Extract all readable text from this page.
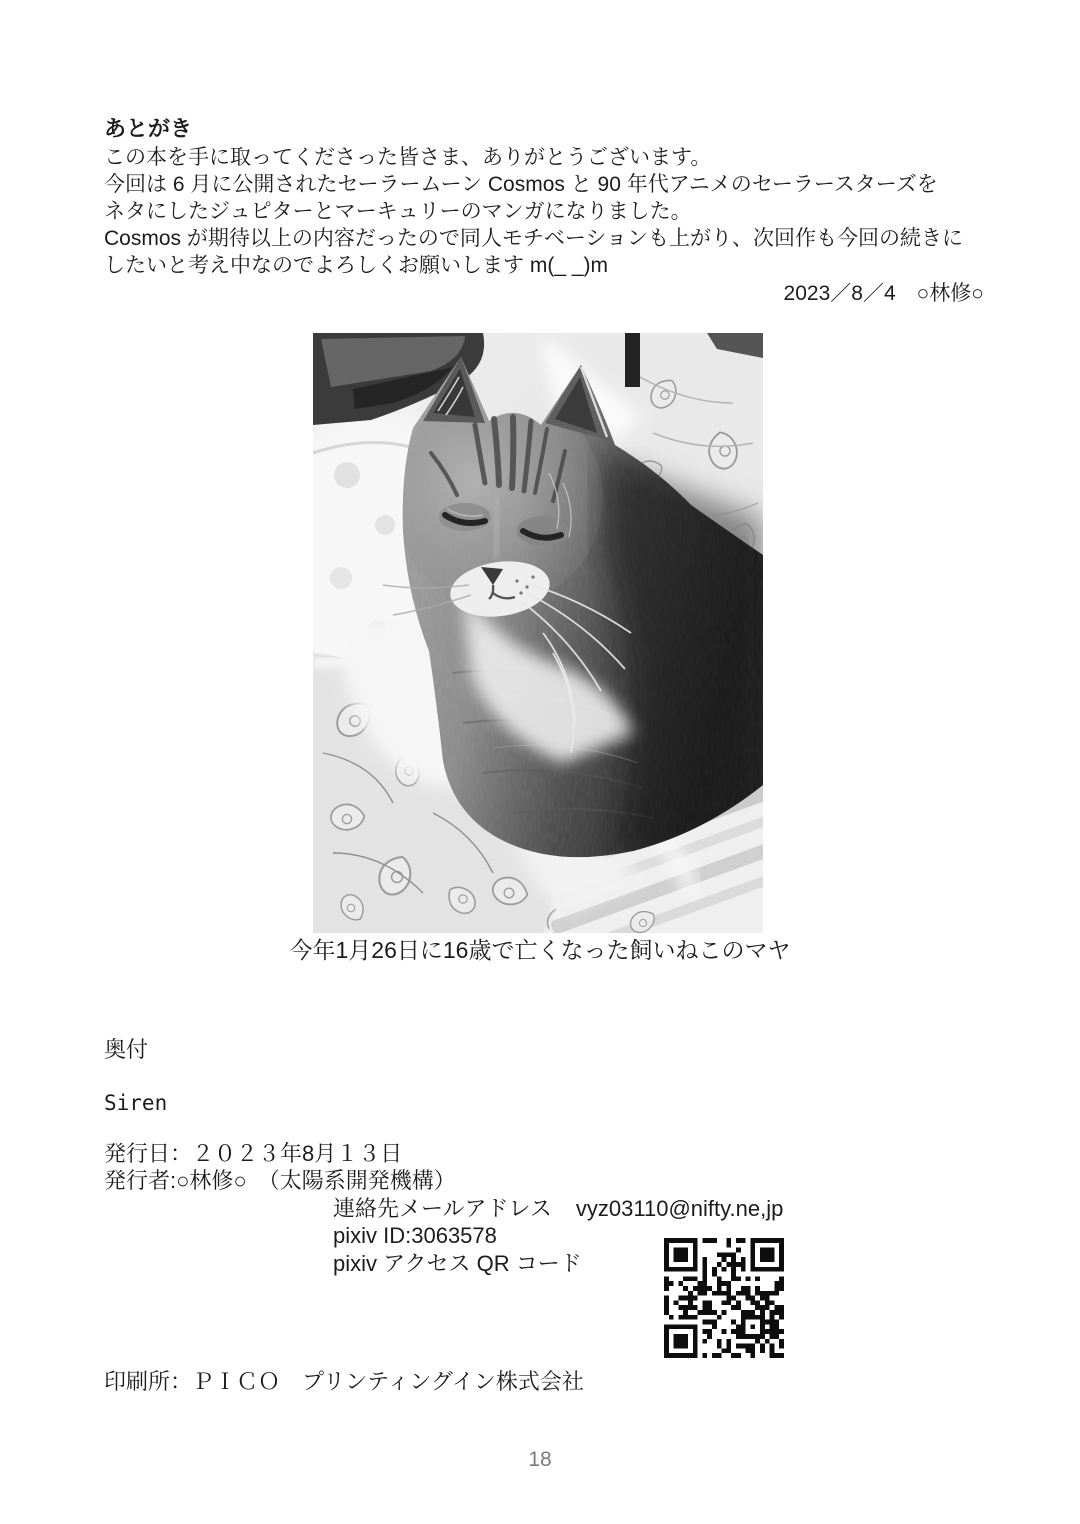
あとがき
この本を手に取ってくださった皆さま、ありがとうございます。
今回は 6 月に公開されたセーラームーン Cosmos と 90 年代アニメのセーラースターズを
ネタにしたジュピターとマーキュリーのマンガになりました。
Cosmos が期待以上の内容だったので同人モチベーションも上がり、次回作も今回の続きに
したいと考え中なのでよろしくお願いします m(_ _)m
2023／8／4　○林修○
今年1月26日に16歳で亡くなった飼いねこのマヤ
奥付
Siren
発行日：２０２３年8月１３日
発行者:○林修○　（太陽系開発機構）
連絡先メールアドレス vyz03110@nifty.ne,jp
pixiv ID:3063578
pixiv アクセス QR コード
印刷所：ＰＩＣＯ　プリンティングイン株式会社
18
